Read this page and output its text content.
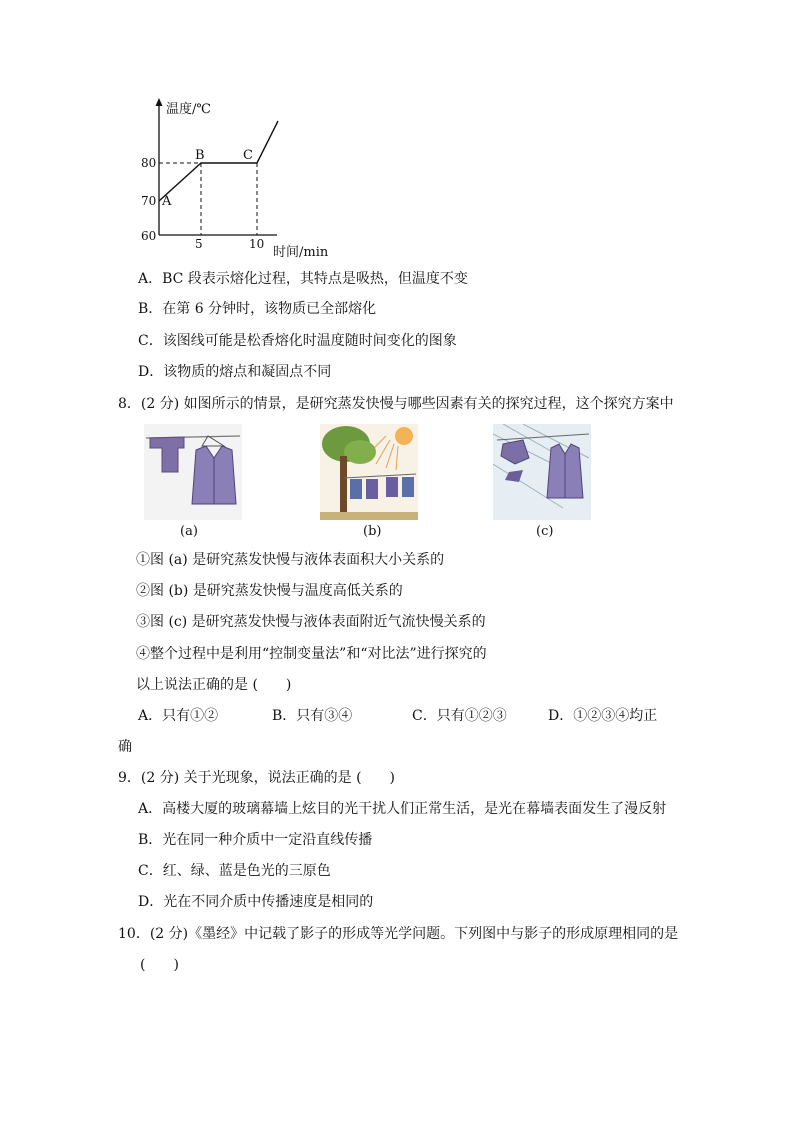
温度/℃
时间/min
80
70
60
5	10
A
B	C
A．BC 段表示熔化过程，其特点是吸热，但温度不变
B．在第 6 分钟时，该物质已全部熔化
C．该图线可能是松香熔化时温度随时间变化的图象
D．该物质的熔点和凝固点不同
8．(2 分) 如图所示的情景，是研究蒸发快慢与哪些因素有关的探究过程，这个探究方案中
(a)	(b)	(c)
①图 (a) 是研究蒸发快慢与液体表面积大小关系的
②图 (b) 是研究蒸发快慢与温度高低关系的
③图 (c) 是研究蒸发快慢与液体表面附近气流快慢关系的
④整个过程中是利用“控制变量法”和“对比法”进行探究的
以上说法正确的是 (　　)
A．只有①②	B．只有③④	C．只有①②③	D．①②③④均正
确
9．(2 分) 关于光现象，说法正确的是 (　　)
A．高楼大厦的玻璃幕墙上炫目的光干扰人们正常生活，是光在幕墙表面发生了漫反射
B．光在同一种介质中一定沿直线传播
C．红、绿、蓝是色光的三原色
D．光在不同介质中传播速度是相同的
10．(2 分)《墨经》中记载了影子的形成等光学问题。下列图中与影子的形成原理相同的是
(　　)
